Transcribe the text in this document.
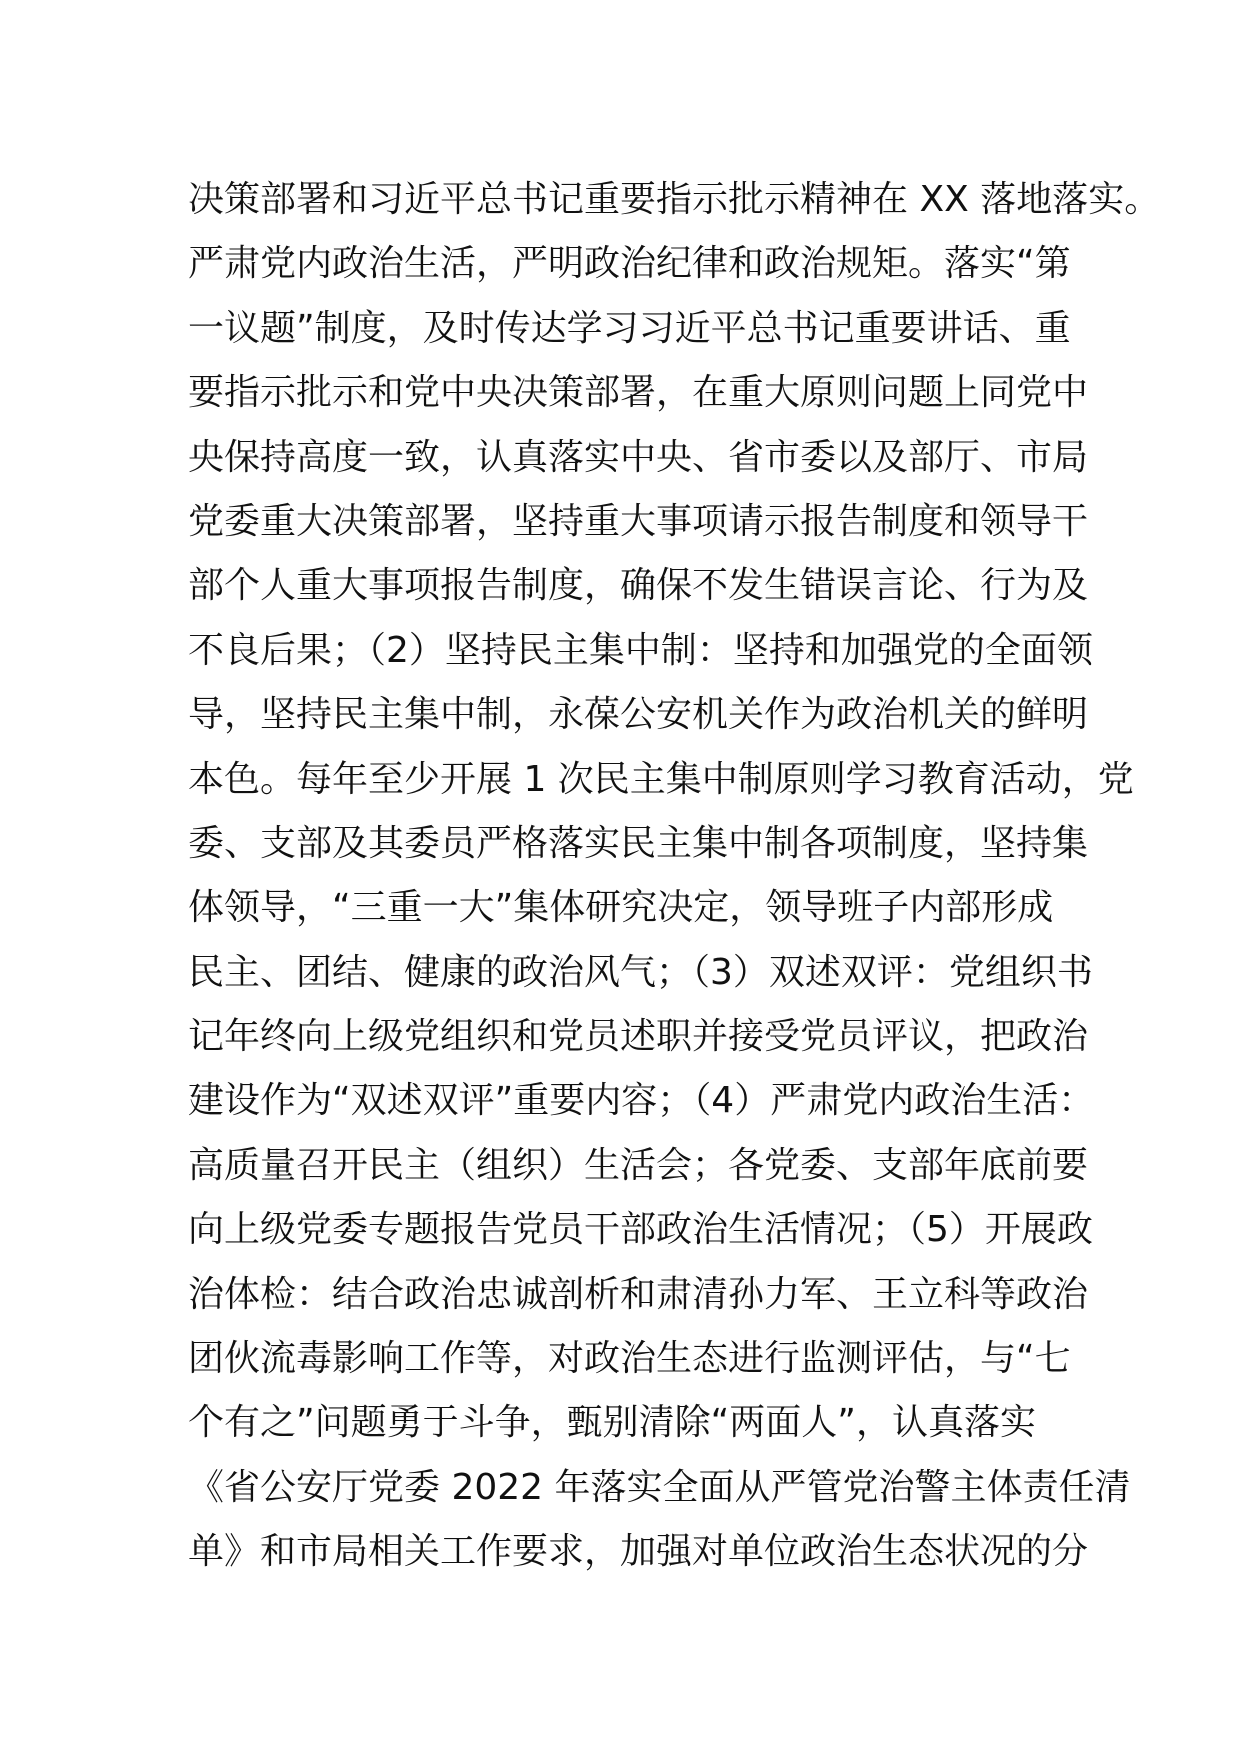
决策部署和习近平总书记重要指示批示精神在 XX 落地落实。
严肃党内政治生活，严明政治纪律和政治规矩。落实“第
一议题”制度，及时传达学习习近平总书记重要讲话、重
要指示批示和党中央决策部署，在重大原则问题上同党中
央保持高度一致，认真落实中央、省市委以及部厅、市局
党委重大决策部署，坚持重大事项请示报告制度和领导干
部个人重大事项报告制度，确保不发生错误言论、行为及
不良后果；（2）坚持民主集中制：坚持和加强党的全面领
导，坚持民主集中制，永葆公安机关作为政治机关的鲜明
本色。每年至少开展 1 次民主集中制原则学习教育活动，党
委、支部及其委员严格落实民主集中制各项制度，坚持集
体领导，“三重一大”集体研究决定，领导班子内部形成
民主、团结、健康的政治风气；（3）双述双评：党组织书
记年终向上级党组织和党员述职并接受党员评议，把政治
建设作为“双述双评”重要内容；（4）严肃党内政治生活：
高质量召开民主（组织）生活会；各党委、支部年底前要
向上级党委专题报告党员干部政治生活情况；（5）开展政
治体检：结合政治忠诚剖析和肃清孙力军、王立科等政治
团伙流毒影响工作等，对政治生态进行监测评估，与“七
个有之”问题勇于斗争，甄别清除“两面人”，认真落实
《省公安厅党委 2022 年落实全面从严管党治警主体责任清
单》和市局相关工作要求，加强对单位政治生态状况的分
